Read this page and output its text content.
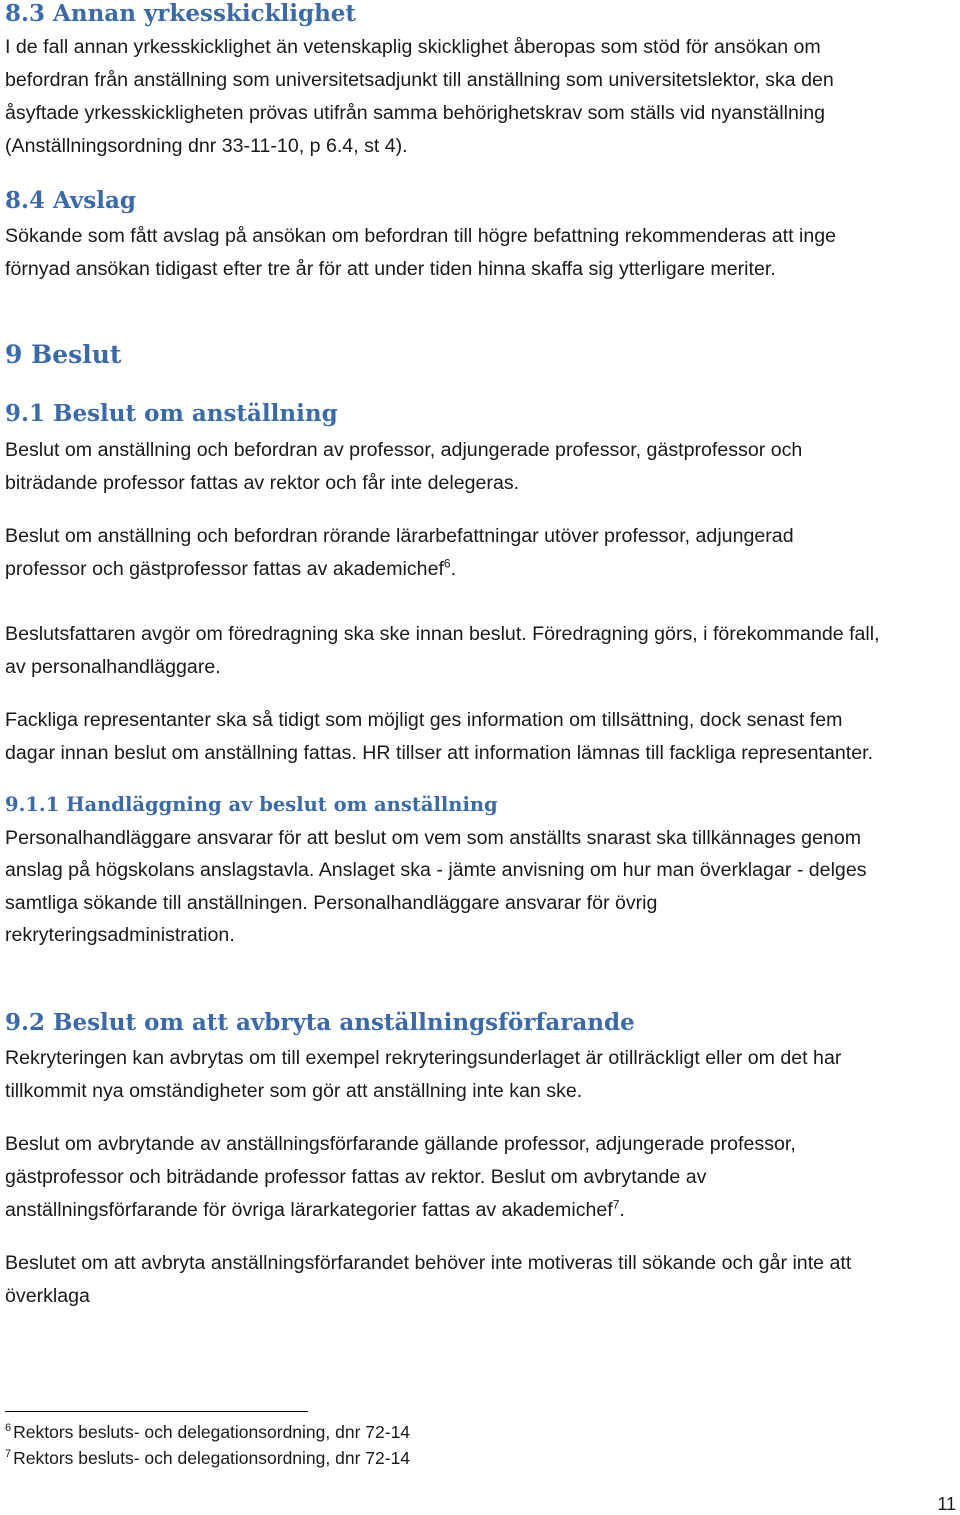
8.3 Annan yrkesskicklighet

I de fall annan yrkesskicklighet än vetenskaplig skicklighet åberopas som stöd för ansökan om

befordran från anställning som universitetsadjunkt till anställning som universitetslektor, ska den

åsyftade yrkesskickligheten prövas utifrån samma behörighetskrav som ställs vid nyanställning

(Anställningsordning dnr 33-11-10, p 6.4, st 4).

8.4 Avslag

Sökande som fått avslag på ansökan om befordran till högre befattning rekommenderas att inge

förnyad ansökan tidigast efter tre år för att under tiden hinna skaffa sig ytterligare meriter.

9 Beslut
9.1 Beslut om anställning

Beslut om anställning och befordran av professor, adjungerade professor, gästprofessor och

biträdande professor fattas av rektor och får inte delegeras.

Beslut om anställning och befordran rörande lärarbefattningar utöver professor, adjungerad

professor och gästprofessor fattas av akademichef$^6$.

Beslutsfattaren avgör om föredragning ska ske innan beslut. Föredragning görs, i förekommande fall,

av personalhandläggare.

Fackliga representanter ska så tidigt som möjligt ges information om tillsättning, dock senast fem

dagar innan beslut om anställning fattas. HR tillser att information lämnas till fackliga representanter.

9.1.1 Handläggning av beslut om anställning

Personalhandläggare ansvarar för att beslut om vem som anställts snarast ska tillkännages genom

anslag på högskolans anslagstavla. Anslaget ska - jämte anvisning om hur man överklagar - delges

samtliga sökande till anställningen. Personalhandläggare ansvarar för övrig

rekryteringsadministration.

9.2 Beslut om att avbryta anställningsförfarande

Rekryteringen kan avbrytas om till exempel rekryteringsunderlaget är otillräckligt eller om det har

tillkommit nya omständigheter som gör att anställning inte kan ske.

Beslut om avbrytande av anställningsförfarande gällande professor, adjungerade professor,

gästprofessor och biträdande professor fattas av rektor. Beslut om avbrytande av

anställningsförfarande för övriga lärarkategorier fattas av akademichef$^7$.

Beslutet om att avbryta anställningsförfarandet behöver inte motiveras till sökande och går inte att

överklaga

$^6$ Rektors besluts- och delegationsordning, dnr 72-14

$^7$ Rektors besluts- och delegationsordning, dnr 72-14

11
